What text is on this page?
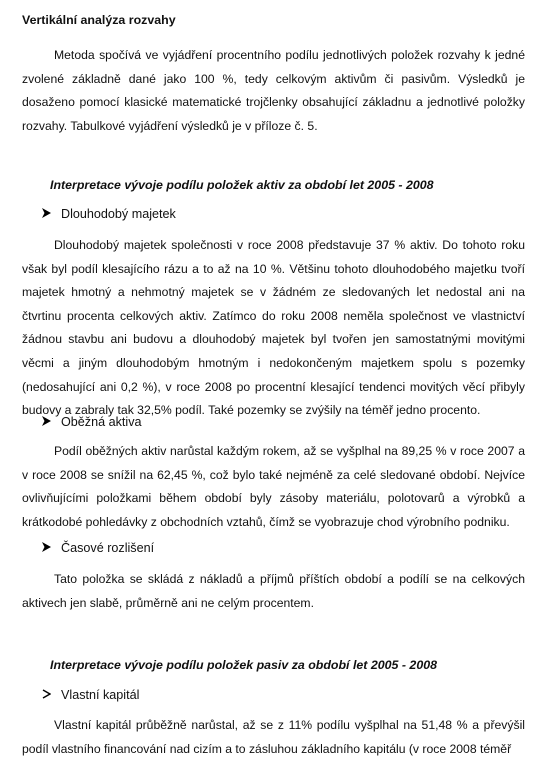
Vertikální analýza rozvahy

Metoda spočívá ve vyjádření procentního podílu jednotlivých položek rozvahy k jedné zvolené základně dané jako 100 %, tedy celkovým aktivům či pasivům. Výsledků je dosaženo pomocí klasické matematické trojčlenky obsahující základnu a jednotlivé položky rozvahy. Tabulkové vyjádření výsledků je v příloze č. 5.

Interpretace vývoje podílu položek aktiv za období let 2005 - 2008
Dlouhodobý majetek

Dlouhodobý majetek společnosti v roce 2008 představuje 37 % aktiv. Do tohoto roku však byl podíl klesajícího rázu a to až na 10 %. Většinu tohoto dlouhodobého majetku tvoří majetek hmotný a nehmotný majetek se v žádném ze sledovaných let nedostal ani na čtvrtinu procenta celkových aktiv. Zatímco do roku 2008 neměla společnost ve vlastnictví žádnou stavbu ani budovu a dlouhodobý majetek byl tvořen jen samostatnými movitými věcmi a jiným dlouhodobým hmotným i nedokončeným majetkem spolu s pozemky (nedosahující ani 0,2 %), v roce 2008 po procentní klesající tendenci movitých věcí přibyly budovy a zabraly tak 32,5% podíl. Také pozemky se zvýšily na téměř jedno procento.

Oběžná aktiva

Podíl oběžných aktiv narůstal každým rokem, až se vyšplhal na 89,25 % v roce 2007 a v roce 2008 se snížil na 62,45 %, což bylo také nejméně za celé sledované období. Nejvíce ovlivňujícími položkami během období byly zásoby materiálu, polotovarů a výrobků a krátkodobé pohledávky z obchodních vztahů, čímž se vyobrazuje chod výrobního podniku.

Časové rozlišení

Tato položka se skládá z nákladů a příjmů příštích období a podílí se na celkových aktivech jen slabě, průměrně ani ne celým procentem.

Interpretace vývoje podílu položek pasiv za období let 2005 - 2008
Vlastní kapitál

Vlastní kapitál průběžně narůstal, až se z 11% podílu vyšplhal na 51,48 % a převýšil podíl vlastního financování nad cizím a to zásluhou základního kapitálu (v roce 2008 téměř
